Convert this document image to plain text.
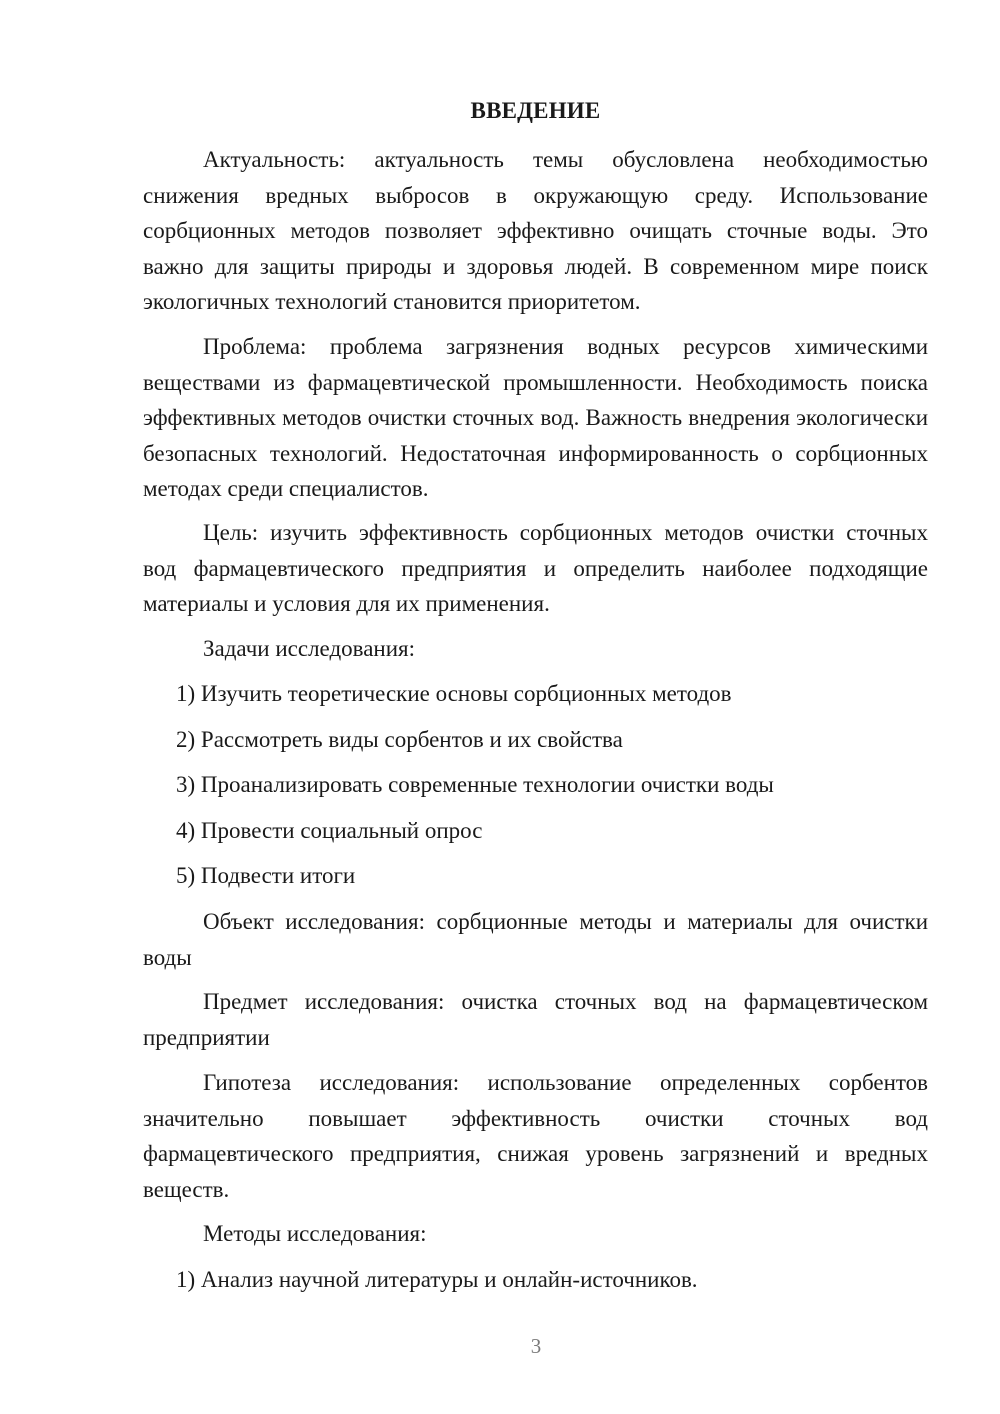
ВВЕДЕНИЕ

Актуальность: актуальность темы обусловлена необходимостью снижения вредных выбросов в окружающую среду. Использование сорбционных методов позволяет эффективно очищать сточные воды. Это важно для защиты природы и здоровья людей. В современном мире поиск экологичных технологий становится приоритетом.

Проблема: проблема загрязнения водных ресурсов химическими веществами из фармацевтической промышленности. Необходимость поиска эффективных методов очистки сточных вод. Важность внедрения экологически безопасных технологий. Недостаточная информированность о сорбционных методах среди специалистов.

Цель: изучить эффективность сорбционных методов очистки сточных вод фармацевтического предприятия и определить наиболее подходящие материалы и условия для их применения.

Задачи исследования:

1) Изучить теоретические основы сорбционных методов

2) Рассмотреть виды сорбентов и их свойства

3) Проанализировать современные технологии очистки воды

4) Провести социальный опрос

5) Подвести итоги

Объект исследования: сорбционные методы и материалы для очистки воды

Предмет исследования: очистка сточных вод на фармацевтическом предприятии

Гипотеза исследования: использование определенных сорбентов значительно повышает эффективность очистки сточных вод фармацевтического предприятия, снижая уровень загрязнений и вредных веществ.

Методы исследования:

1) Анализ научной литературы и онлайн-источников.

3
